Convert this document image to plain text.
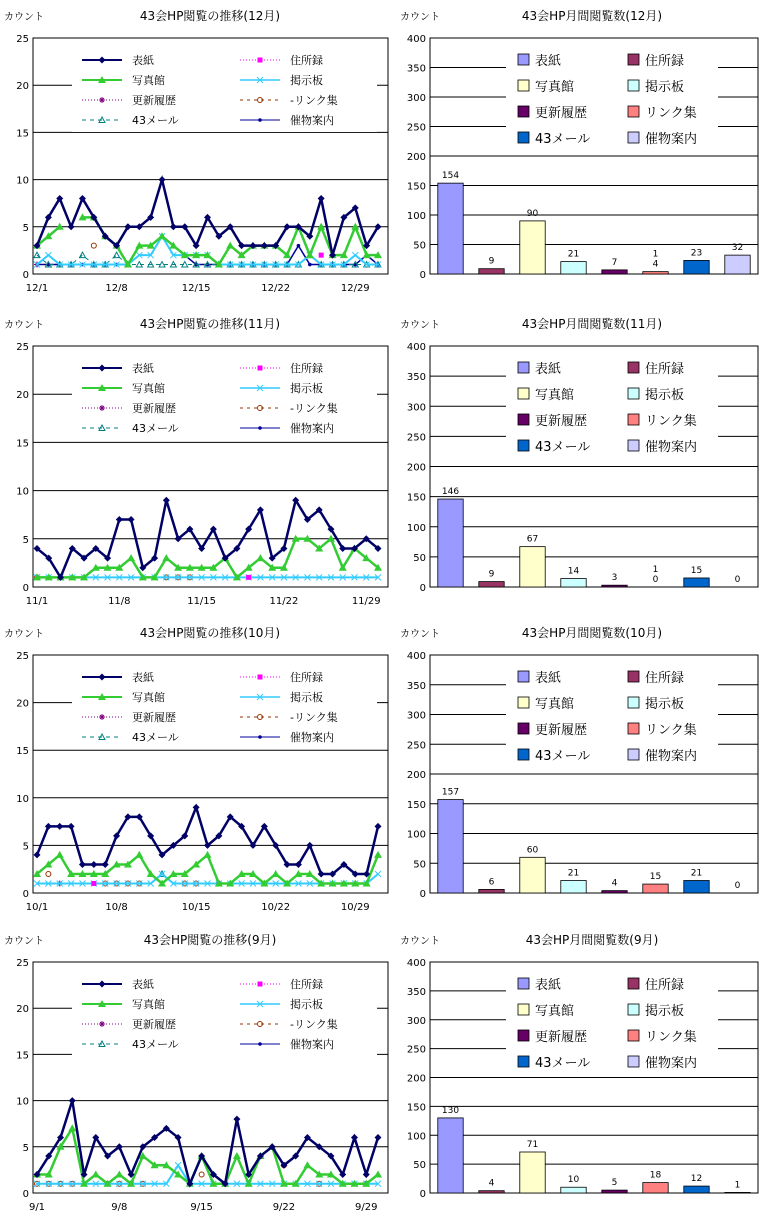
カウント	43会HP閲覧の推移(12月)
0
5
10
15
20
25
12/1	12/8	12/15	12/22	12/29
表紙	住所録
写真館	掲示板
更新履歴	-リンク集
43メール	催物案内
カウント	43会HP月間閲覧数(12月)
0
50
100
150
200
250
300
350
400
表紙	住所録
写真館	掲示板
更新履歴	リンク集
43メール	催物案内
154
9
90
21
7	4
23
32
1
カウント	43会HP閲覧の推移(11月)
0
5
10
15
20
25
11/1	11/8	11/15	11/22	11/29
表紙	住所録
写真館	掲示板
更新履歴	-リンク集
43メール	催物案内
カウント	43会HP月間閲覧数(11月)
0
50
100
150
200
250
300
350
400
表紙	住所録
写真館	掲示板
更新履歴	リンク集
43メール	催物案内
146
9
67
14
3	0
15
0
1
カウント	43会HP閲覧の推移(10月)
0
5
10
15
20
25
10/1	10/8	10/15	10/22	10/29
表紙	住所録
写真館	掲示板
更新履歴	-リンク集
43メール	催物案内
カウント	43会HP月間閲覧数(10月)
0
50
100
150
200
250
300
350
400
表紙	住所録
写真館	掲示板
更新履歴	リンク集
43メール	催物案内
157
6
60
21
4
15	21
0
カウント	43会HP閲覧の推移(9月)
0
5
10
15
20
25
9/1	9/8	9/15	9/22	9/29
表紙	住所録
写真館	掲示板
更新履歴	-リンク集
43メール	催物案内
カウント	43会HP月間閲覧数(9月)
0
50
100
150
200
250
300
350
400
表紙	住所録
写真館	掲示板
更新履歴	リンク集
43メール	催物案内
130
4
71
10	5
18	12
1
